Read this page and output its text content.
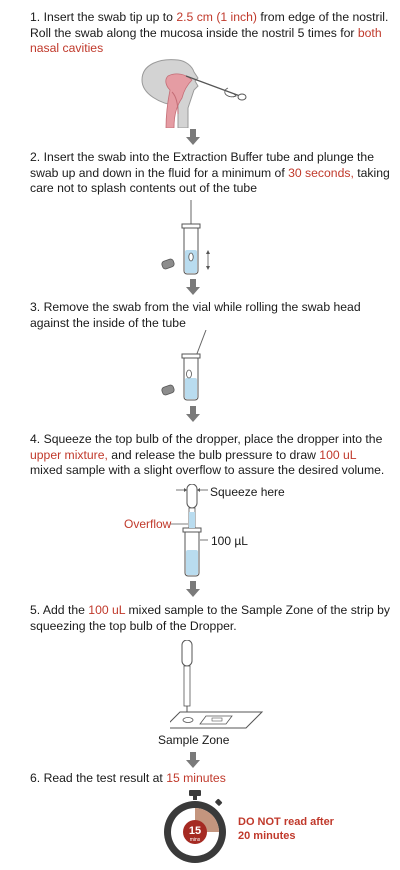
1. Insert the swab tip up to 2.5 cm (1 inch) from edge of the nostril. Roll the swab along the mucosa inside the nostril 5 times for both nasal cavities
2. Insert the swab into the Extraction Buffer tube and plunge the swab up and down in the fluid for a minimum of 30 seconds, taking care not to splash contents out of the tube
3. Remove the swab from the vial while rolling the swab head against the inside of the tube
4. Squeeze the top bulb of the dropper, place the dropper into the upper mixture, and release the bulb pressure to draw 100 uL mixed sample with a slight overflow to assure the desired volume.
Squeeze here
Overflow
100 µL
5. Add the 100 uL mixed sample to the Sample Zone of the strip by squeezing the top bulb of the Dropper.
Sample Zone
6. Read the test result at 15 minutes
15
mins
DO NOT read after
20 minutes
